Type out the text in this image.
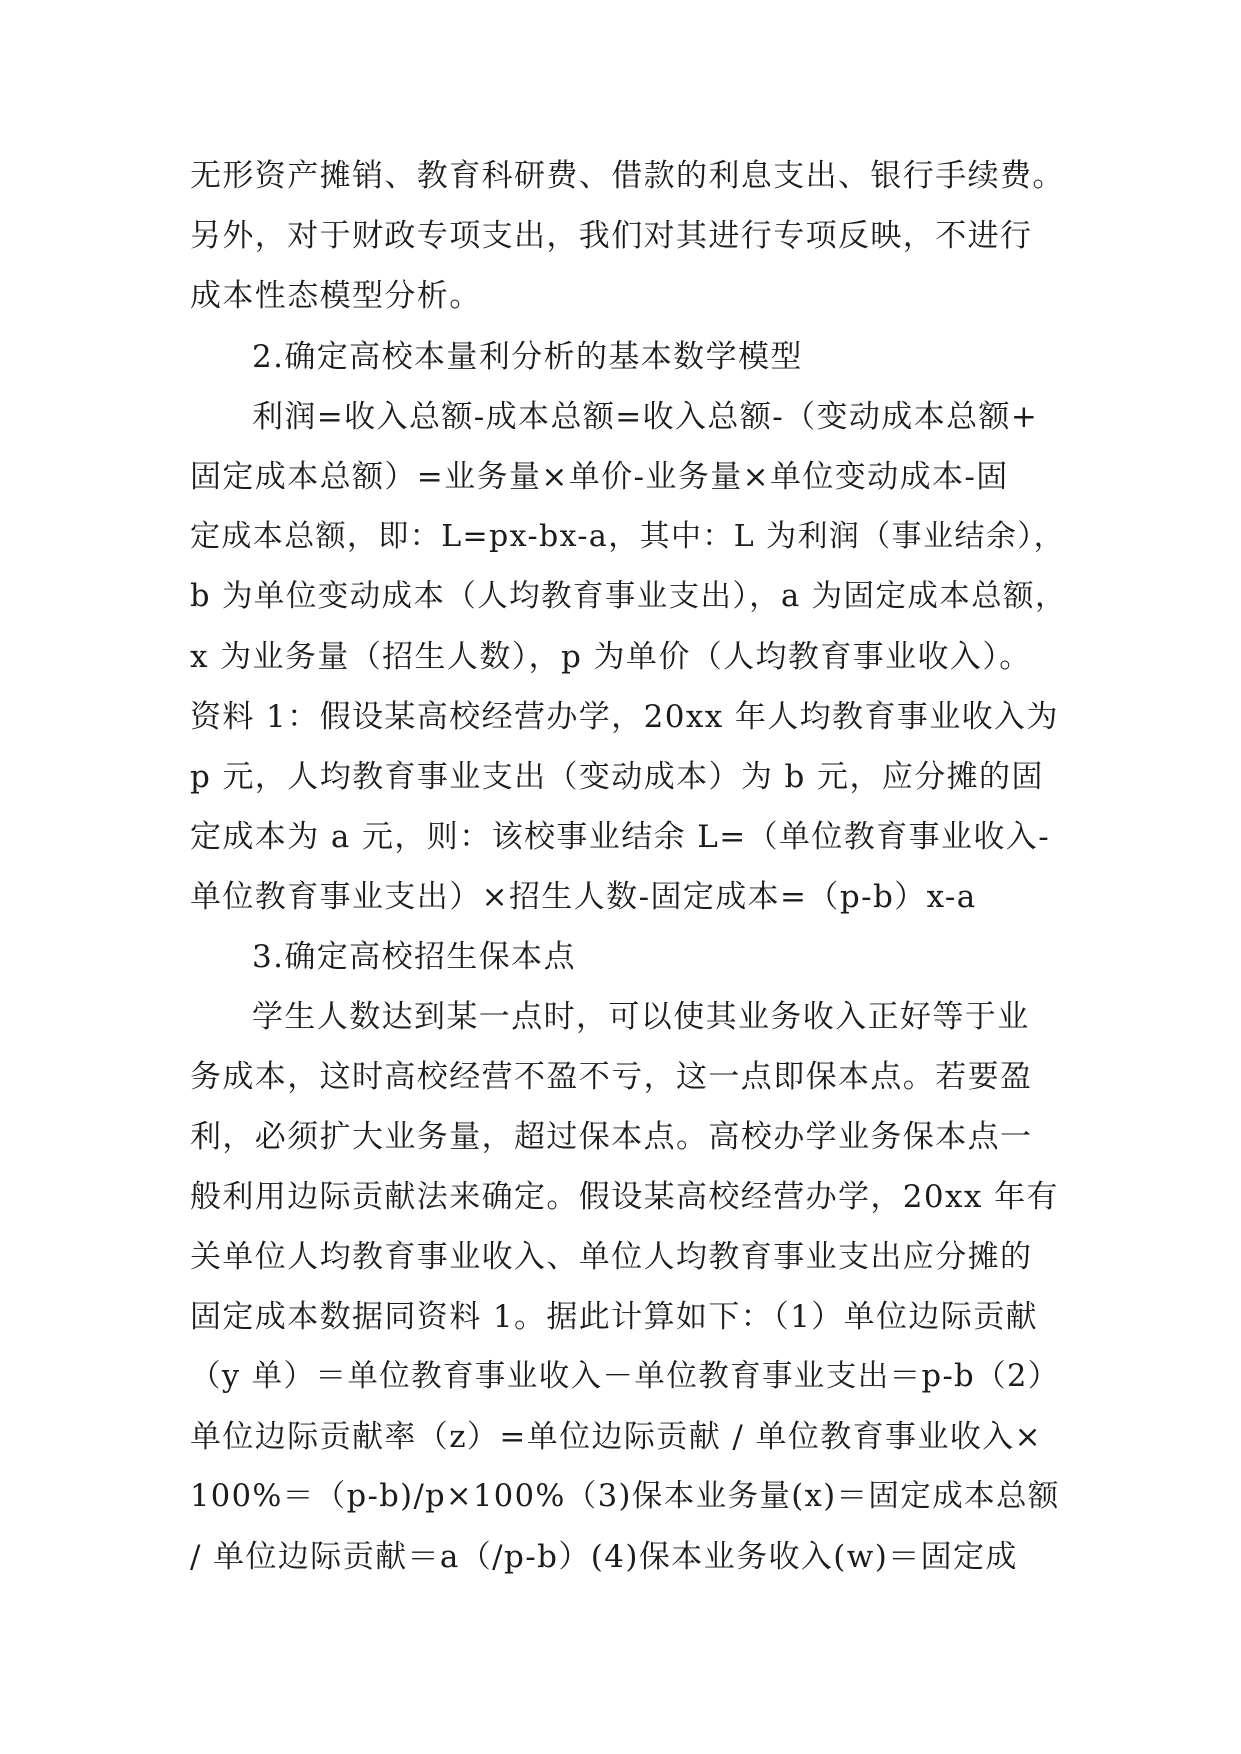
无形资产摊销、教育科研费、借款的利息支出、银行手续费。
另外，对于财政专项支出，我们对其进行专项反映，不进行
成本性态模型分析。
2.确定高校本量利分析的基本数学模型
利润=收入总额-成本总额=收入总额-（变动成本总额+
固定成本总额）=业务量×单价-业务量×单位变动成本-固
定成本总额，即：L=px-bx-a，其中：L 为利润（事业结余），
b 为单位变动成本（人均教育事业支出），a 为固定成本总额，
x 为业务量（招生人数），p 为单价（人均教育事业收入）。
资料 1：假设某高校经营办学，20xx 年人均教育事业收入为
p 元，人均教育事业支出（变动成本）为 b 元，应分摊的固
定成本为 a 元，则：该校事业结余 L=（单位教育事业收入-
单位教育事业支出）×招生人数-固定成本=（p-b）x-a
3.确定高校招生保本点
学生人数达到某一点时，可以使其业务收入正好等于业
务成本，这时高校经营不盈不亏，这一点即保本点。若要盈
利，必须扩大业务量，超过保本点。高校办学业务保本点一
般利用边际贡献法来确定。假设某高校经营办学，20xx 年有
关单位人均教育事业收入、单位人均教育事业支出应分摊的
固定成本数据同资料 1。据此计算如下：（1）单位边际贡献
（y 单）＝单位教育事业收入－单位教育事业支出＝p-b（2）
单位边际贡献率（z）=单位边际贡献 / 单位教育事业收入×
100%＝（p-b)/p×100%（3)保本业务量(x)＝固定成本总额
/ 单位边际贡献＝a（/p-b）(4)保本业务收入(w)＝固定成
